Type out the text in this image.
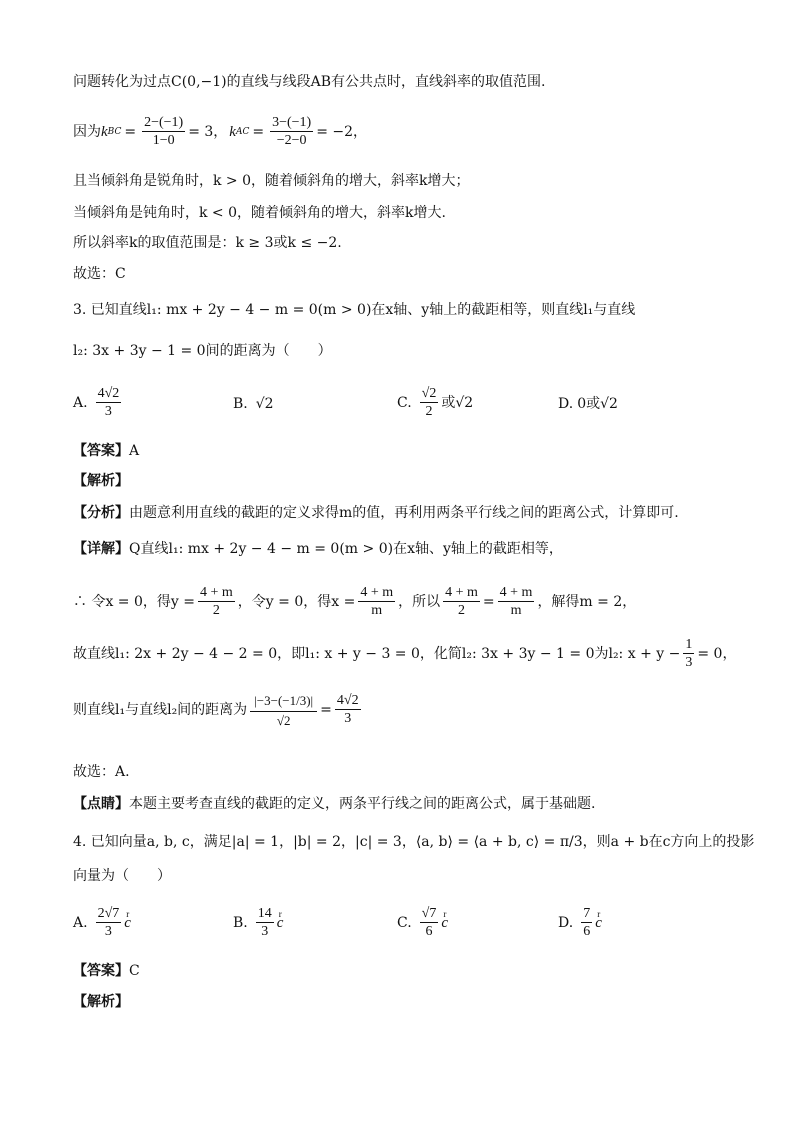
问题转化为过点C(0,−1)的直线与线段AB有公共点时，直线斜率的取值范围.
因为 k BC = $\frac{2-(-1)}{1-0} = 3$， k AC = $\frac{3-(-1)}{-2-0} = -2$，
且当倾斜角是锐角时，k > 0，随着倾斜角的增大，斜率k增大；
当倾斜角是钝角时，k < 0，随着倾斜角的增大，斜率k增大.
所以斜率k的取值范围是：k ≥ 3或k ≤ −2.
故选：C
3. 已知直线l₁: mx + 2y − 4 − m = 0(m > 0)在x轴、y轴上的截距相等，则直线l₁与直线
l₂: 3x + 3y − 1 = 0间的距离为（　　）
A. $\frac{4√2}{3}$	B. √2	C. $\frac{√2}{2}$ 或√2	D. 0或√2
【答案】A
【解析】
【分析】由题意利用直线的截距的定义求得m的值，再利用两条平行线之间的距离公式，计算即可.
【详解】Q直线l₁: mx + 2y − 4 − m = 0(m > 0)在x轴、y轴上的截距相等，
∴ 令x = 0，得$y = \frac{4 + m}{2}$ ，令y = 0，得$x = \frac{4 + m}{m}$ ，所以 $\frac{4 + m}{2} = \frac{4 + m}{m}$ ，解得m = 2，
故直线l₁: 2x + 2y − 4 − 2 = 0，即l₁: x + y − 3 = 0，化简l₂: 3x + 3y − 1 = 0为l₂: $x + y - \frac{1}{3} = 0$，
则直线l₁与直线l₂间的距离为 $\frac{|-3-(-1/3)|}{√2} = \frac{4√2}{3}$
故选：A.
【点睛】本题主要考查直线的截距的定义，两条平行线之间的距离公式，属于基础题.
4. 已知向量a, b, c，满足|a| = 1，|b| = 2，|c| = 3，⟨a, b⟩ = ⟨a + b, c⟩ = π/3，则a + b在c方向上的投影
向量为（　　）
A. $\frac{2√7}{3}$ r c	B. $\frac{14}{3}$ r c	C. $\frac{√7}{6}$ r c	D. $\frac{7}{6}$ r c
【答案】C
【解析】
